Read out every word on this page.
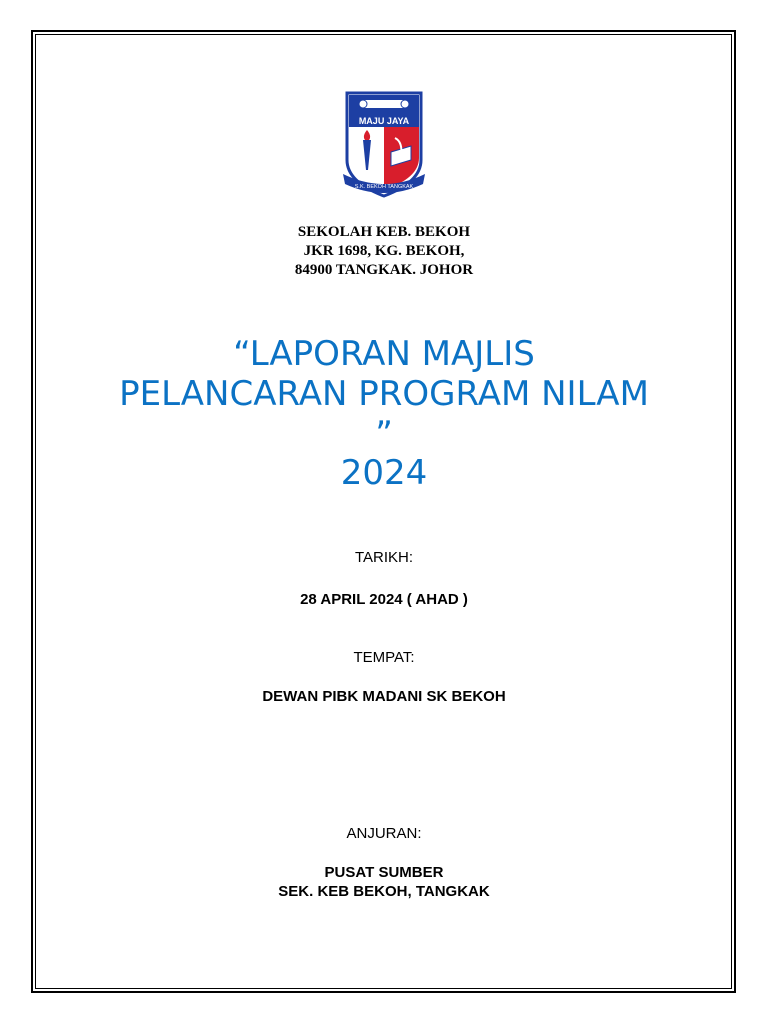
MAJU JAYA
S.K. BEKOH TANGKAK
SEKOLAH KEB. BEKOH
JKR 1698, KG. BEKOH,
84900 TANGKAK. JOHOR
“LAPORAN MAJLIS
PELANCARAN PROGRAM NILAM
”
2024
TARIKH:
28 APRIL 2024 ( AHAD )
TEMPAT:
DEWAN PIBK MADANI SK BEKOH
ANJURAN:
PUSAT SUMBER
SEK. KEB BEKOH, TANGKAK
